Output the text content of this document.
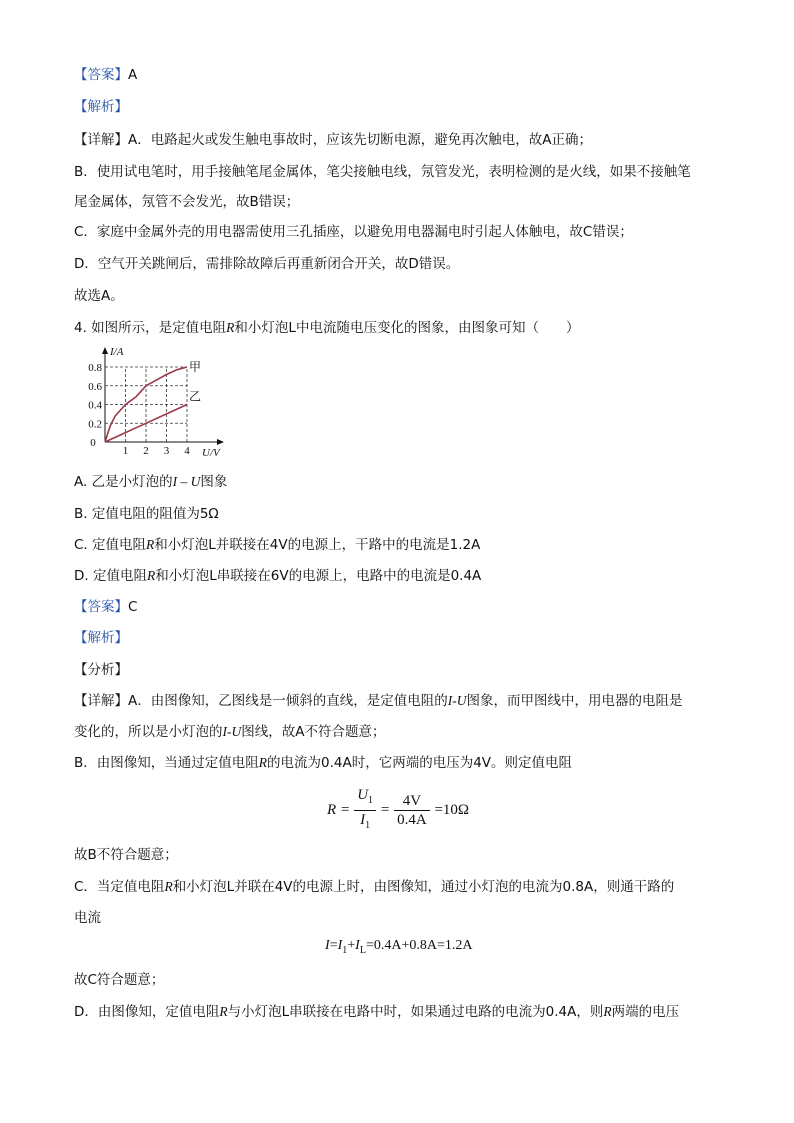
【答案】A
【解析】
【详解】A．电路起火或发生触电事故时，应该先切断电源，避免再次触电，故A正确；
B．使用试电笔时，用手接触笔尾金属体，笔尖接触电线，氖管发光，表明检测的是火线，如果不接触笔
尾金属体，氖管不会发光，故B错误；
C．家庭中金属外壳的用电器需使用三孔插座，以避免用电器漏电时引起人体触电，故C错误；
D．空气开关跳闸后，需排除故障后再重新闭合开关，故D错误。
故选A。
4. 如图所示，是定值电阻R和小灯泡L中电流随电压变化的图象，由图象可知（　　）
甲
乙
1 2 3 4
0.2
0.4
0.6
0.8
0
U/V
I/A
A. 乙是小灯泡的I – U图象
B. 定值电阻的阻值为5Ω
C. 定值电阻R和小灯泡L并联接在4V的电源上，干路中的电流是1.2A
D. 定值电阻R和小灯泡L串联接在6V的电源上，电路中的电流是0.4A
【答案】C
【解析】
【分析】
【详解】A．由图像知，乙图线是一倾斜的直线，是定值电阻的I-U图象，而甲图线中，用电器的电阻是
变化的，所以是小灯泡的I-U图线，故A不符合题意；
B．由图像知，当通过定值电阻R的电流为0.4A时，它两端的电压为4V。则定值电阻
$R = \frac{U_1}{I_1} = \frac{4V}{0.4A} =10\Omega$
故B不符合题意；
C．当定值电阻R和小灯泡L并联在4V的电源上时，由图像知，通过小灯泡的电流为0.8A，则通干路的
电流
$I=I_1+I_L=0.4A+0.8A=1.2A$
故C符合题意；
D．由图像知，定值电阻R与小灯泡L串联接在电路中时，如果通过电路的电流为0.4A，则R两端的电压
